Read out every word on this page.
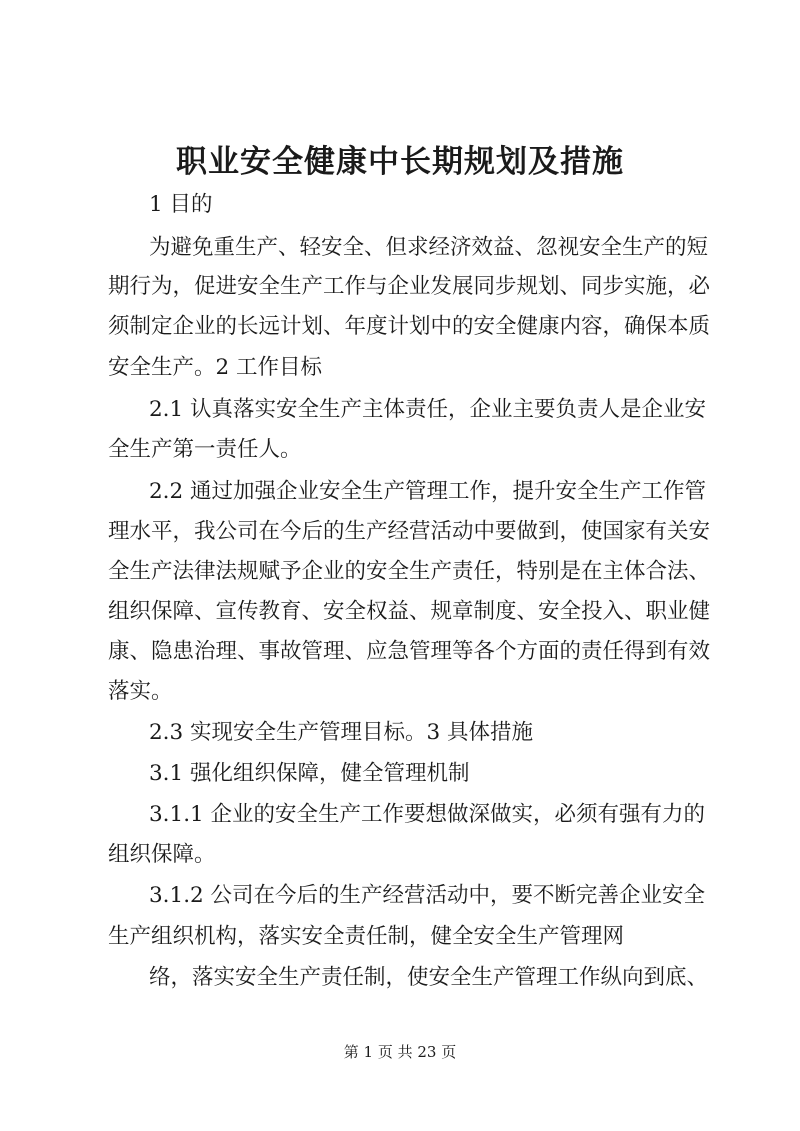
职业安全健康中长期规划及措施

1 目的

为避免重生产、轻安全、但求经济效益、忽视安全生产的短

期行为，促进安全生产工作与企业发展同步规划、同步实施，必

须制定企业的长远计划、年度计划中的安全健康内容，确保本质

安全生产。2 工作目标

2.1 认真落实安全生产主体责任，企业主要负责人是企业安

全生产第一责任人。

2.2 通过加强企业安全生产管理工作，提升安全生产工作管

理水平，我公司在今后的生产经营活动中要做到，使国家有关安

全生产法律法规赋予企业的安全生产责任，特别是在主体合法、

组织保障、宣传教育、安全权益、规章制度、安全投入、职业健

康、隐患治理、事故管理、应急管理等各个方面的责任得到有效

落实。

2.3 实现安全生产管理目标。3 具体措施

3.1 强化组织保障，健全管理机制

3.1.1 企业的安全生产工作要想做深做实，必须有强有力的

组织保障。

3.1.2 公司在今后的生产经营活动中，要不断完善企业安全

生产组织机构，落实安全责任制，健全安全生产管理网

络，落实安全生产责任制，使安全生产管理工作纵向到底、

第 1 页 共 23 页
